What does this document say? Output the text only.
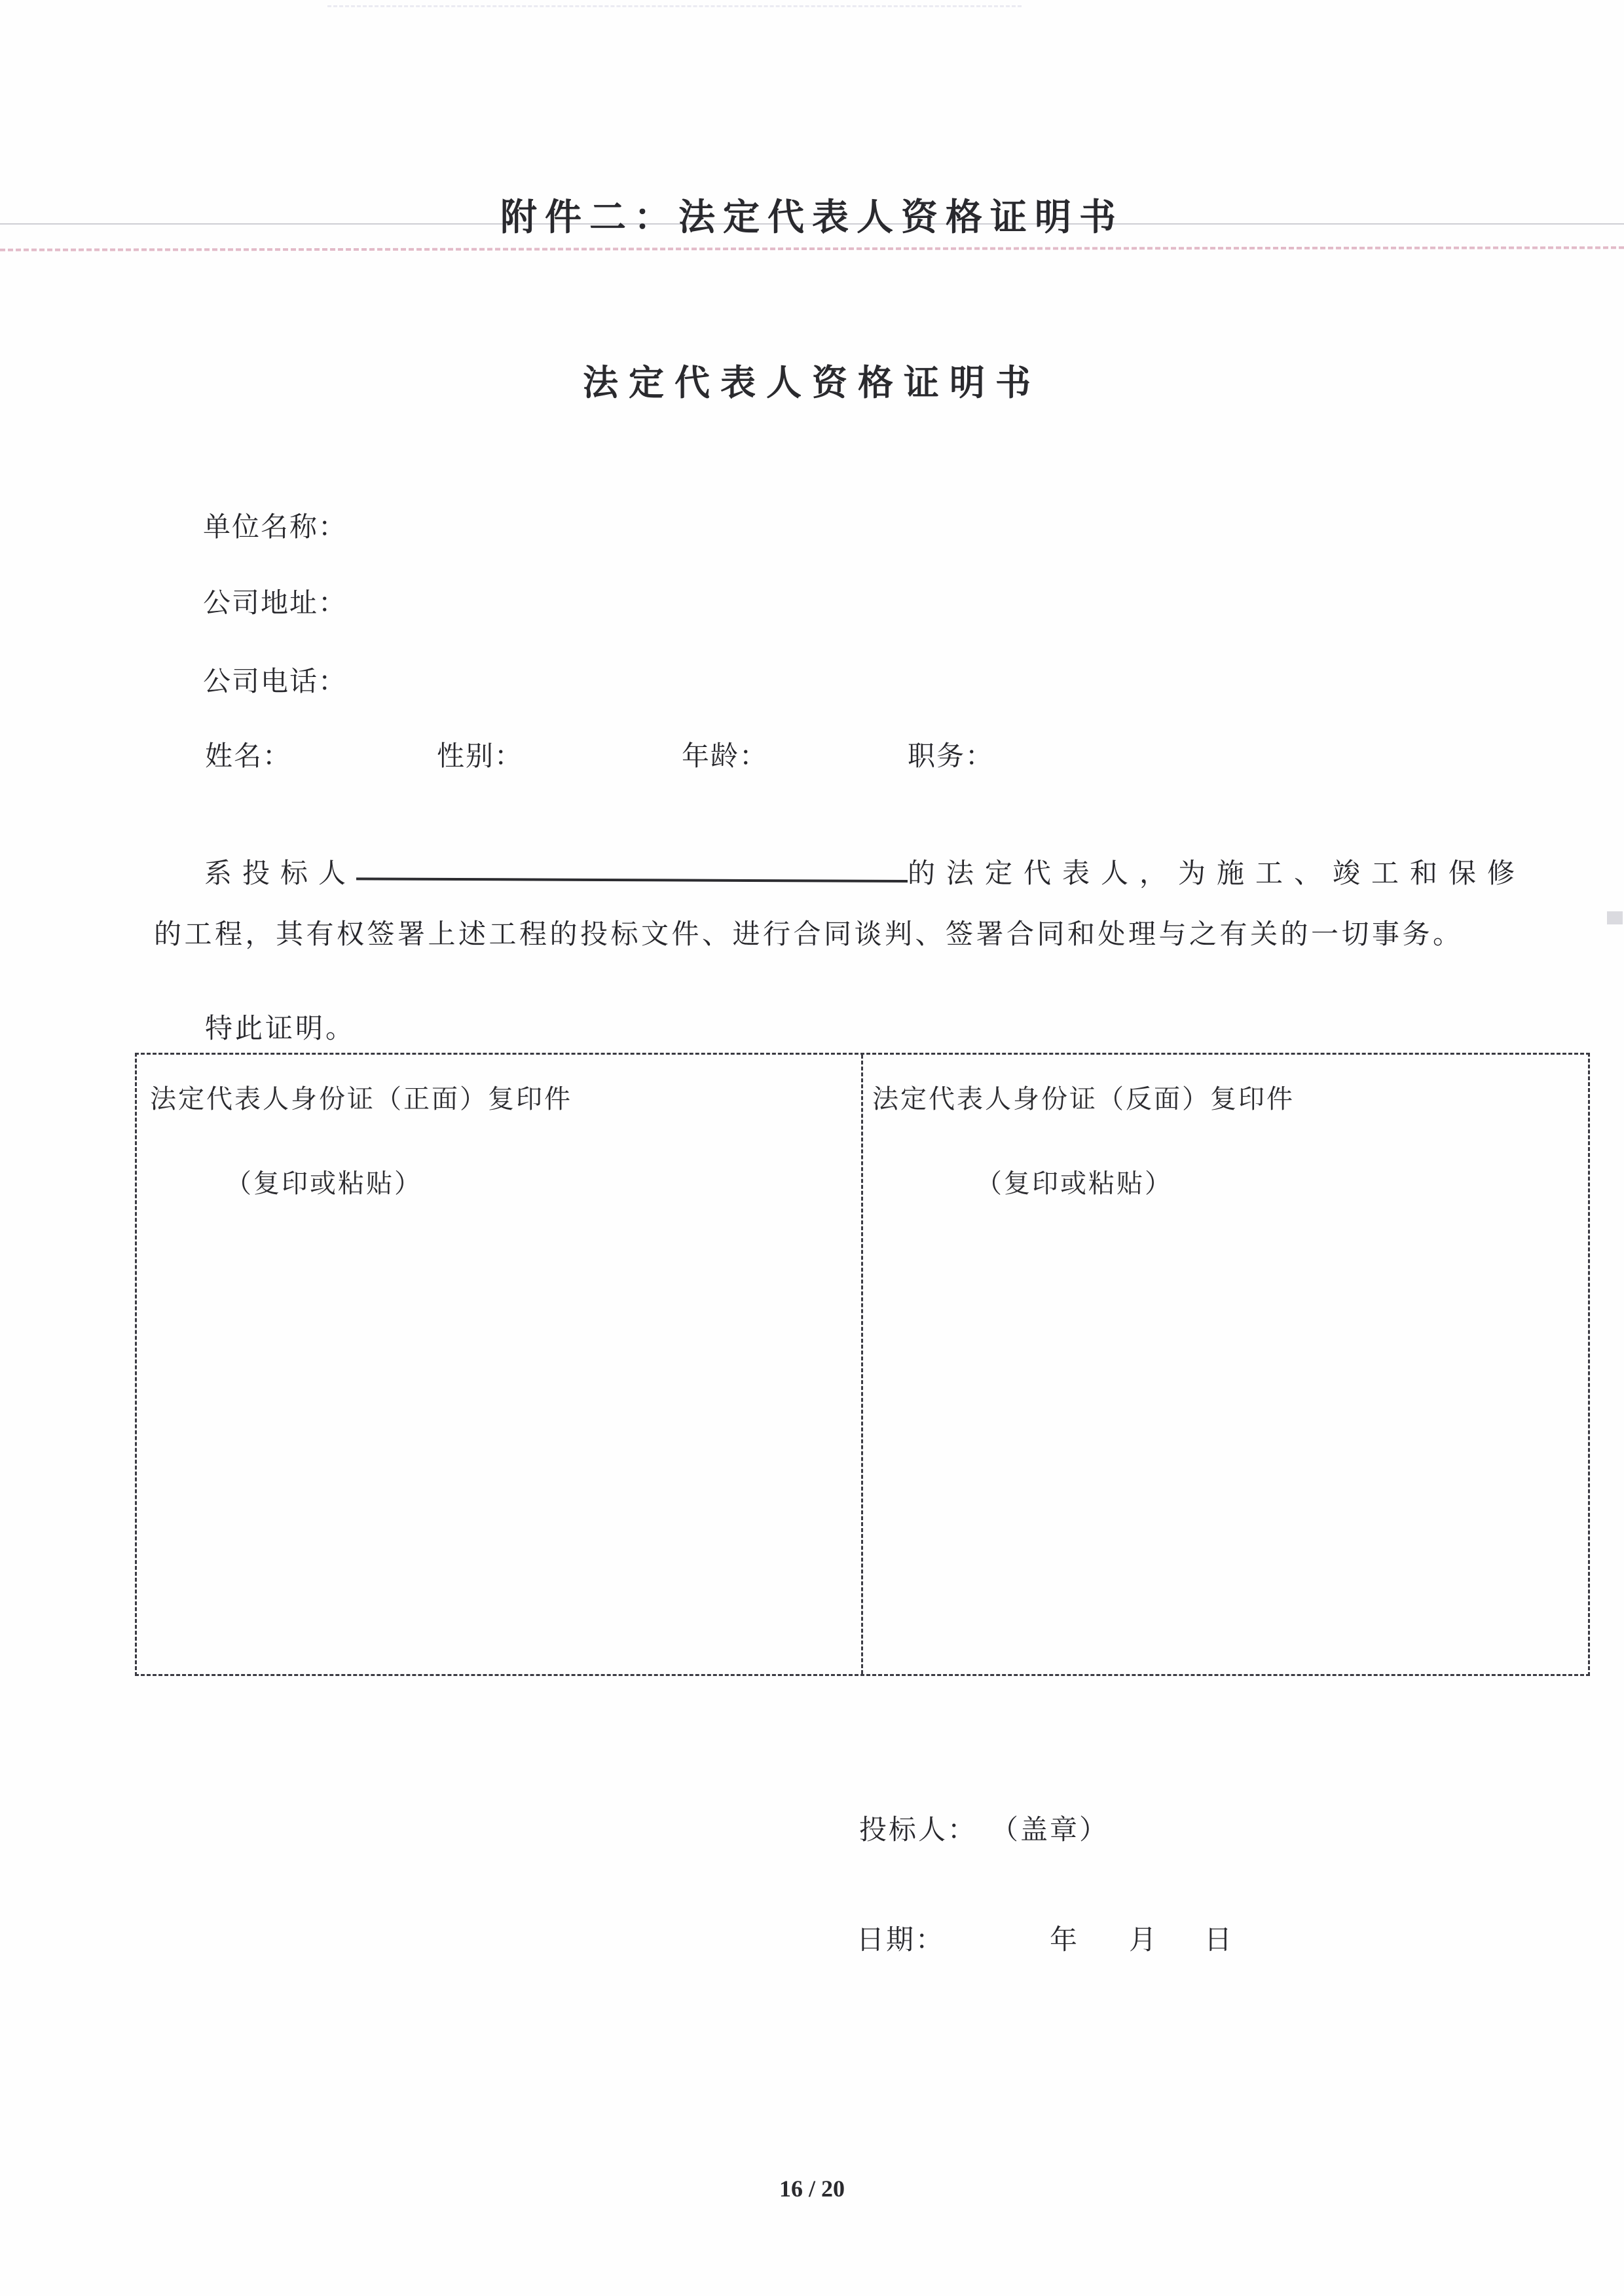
附件二：法定代表人资格证明书
法定代表人资格证明书
单位名称：
公司地址：
公司电话：
姓名：	性别：	年龄：	职务：
系投标人	的法定代表人，为施工、竣工和保修
的工程，其有权签署上述工程的投标文件、进行合同谈判、签署合同和处理与之有关的一切事务。
特此证明。
法定代表人身份证（正面）复印件
（复印或粘贴）
法定代表人身份证（反面）复印件
（复印或粘贴）
投标人： （盖章）
日期：	年 月 日
16 / 20
